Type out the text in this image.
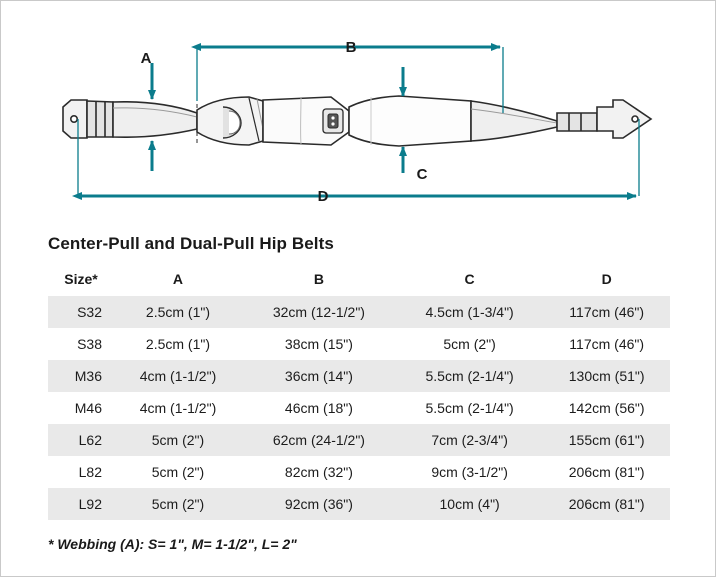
A
B
C
D
Center-Pull and Dual-Pull Hip Belts
Size*	A	B	C	D
S32	2.5cm (1")	32cm (12-1/2")	4.5cm (1-3/4")	117cm (46")
S38	2.5cm (1")	38cm (15")	5cm (2")	117cm (46")
M36	4cm (1-1/2")	36cm (14")	5.5cm (2-1/4")	130cm (51")
M46	4cm (1-1/2")	46cm (18")	5.5cm (2-1/4")	142cm (56")
L62	5cm (2")	62cm (24-1/2")	7cm (2-3/4")	155cm (61")
L82	5cm (2")	82cm (32")	9cm (3-1/2")	206cm (81")
L92	5cm (2")	92cm (36")	10cm (4")	206cm (81")
* Webbing (A): S= 1", M= 1-1/2", L= 2"
